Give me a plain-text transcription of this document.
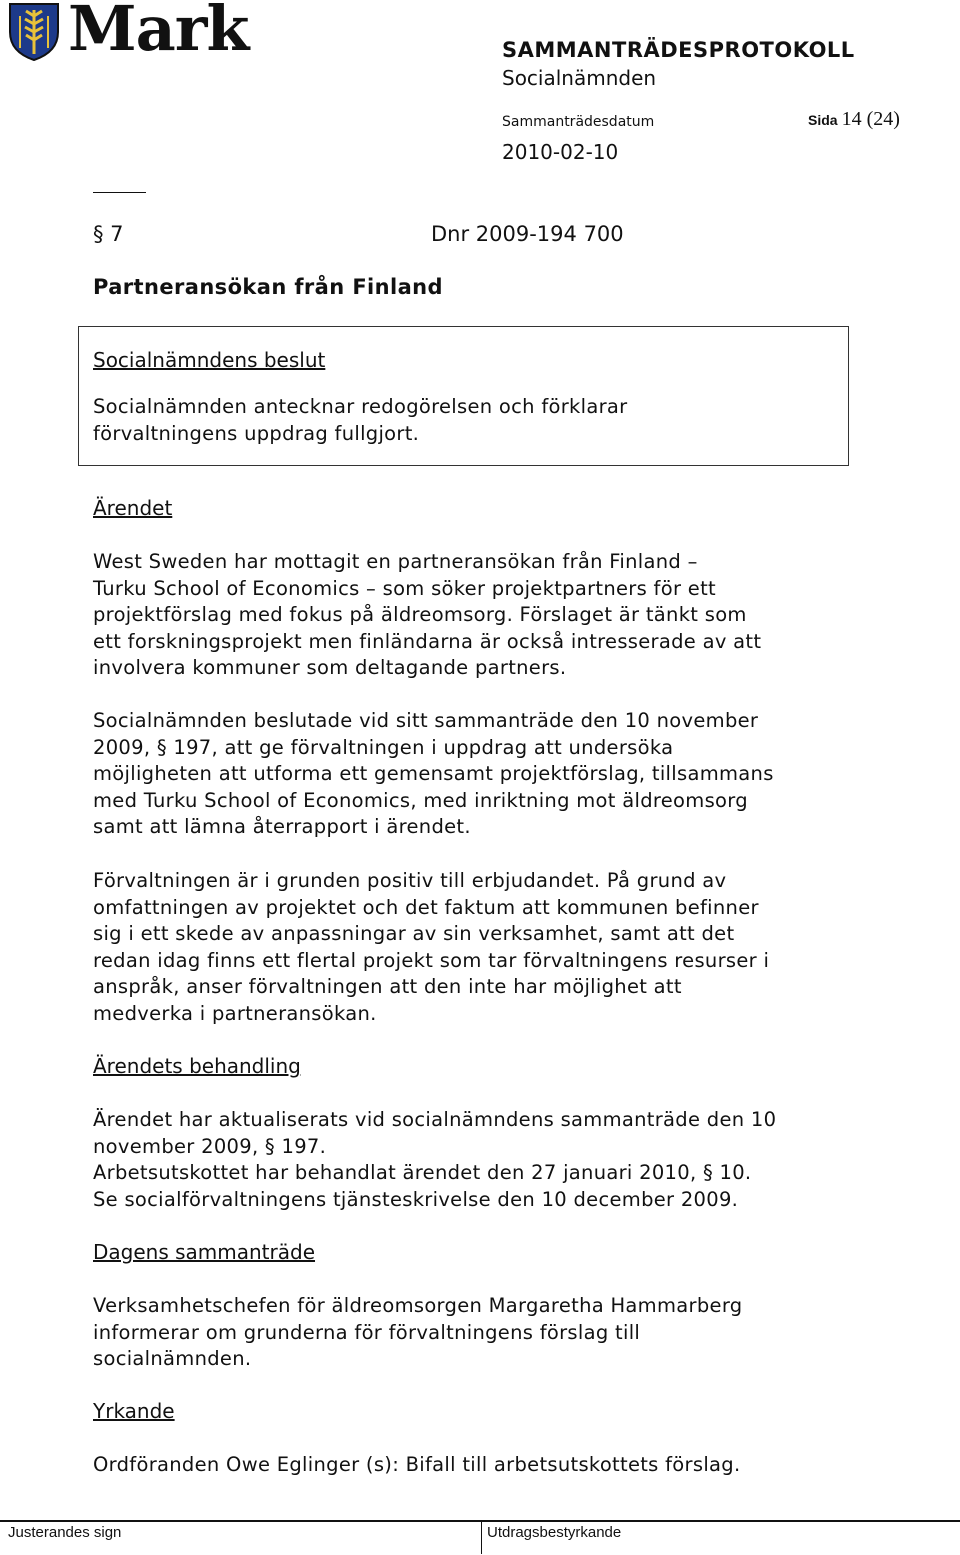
Mark	SAMMANTRÄDESPROTOKOLL
Socialnämnden
Sammanträdesdatum	Sida 14 (24)
2010-02-10
§ 7	Dnr 2009-194 700
Partneransökan från Finland
Socialnämndens beslut
Socialnämnden antecknar redogörelsen och förklarar
förvaltningens uppdrag fullgjort.
Ärendet
West Sweden har mottagit en partneransökan från Finland –
Turku School of Economics – som söker projektpartners för ett
projektförslag med fokus på äldreomsorg. Förslaget är tänkt som
ett forskningsprojekt men finländarna är också intresserade av att
involvera kommuner som deltagande partners.
Socialnämnden beslutade vid sitt sammanträde den 10 november
2009, § 197, att ge förvaltningen i uppdrag att undersöka
möjligheten att utforma ett gemensamt projektförslag, tillsammans
med Turku School of Economics, med inriktning mot äldreomsorg
samt att lämna återrapport i ärendet.
Förvaltningen är i grunden positiv till erbjudandet. På grund av
omfattningen av projektet och det faktum att kommunen befinner
sig i ett skede av anpassningar av sin verksamhet, samt att det
redan idag finns ett flertal projekt som tar förvaltningens resurser i
anspråk, anser förvaltningen att den inte har möjlighet att
medverka i partneransökan.
Ärendets behandling
Ärendet har aktualiserats vid socialnämndens sammanträde den 10
november 2009, § 197.
Arbetsutskottet har behandlat ärendet den 27 januari 2010, § 10.
Se socialförvaltningens tjänsteskrivelse den 10 december 2009.
Dagens sammanträde
Verksamhetschefen för äldreomsorgen Margaretha Hammarberg
informerar om grunderna för förvaltningens förslag till
socialnämnden.
Yrkande
Ordföranden Owe Eglinger (s): Bifall till arbetsutskottets förslag.
Justerandes sign	Utdragsbestyrkande
